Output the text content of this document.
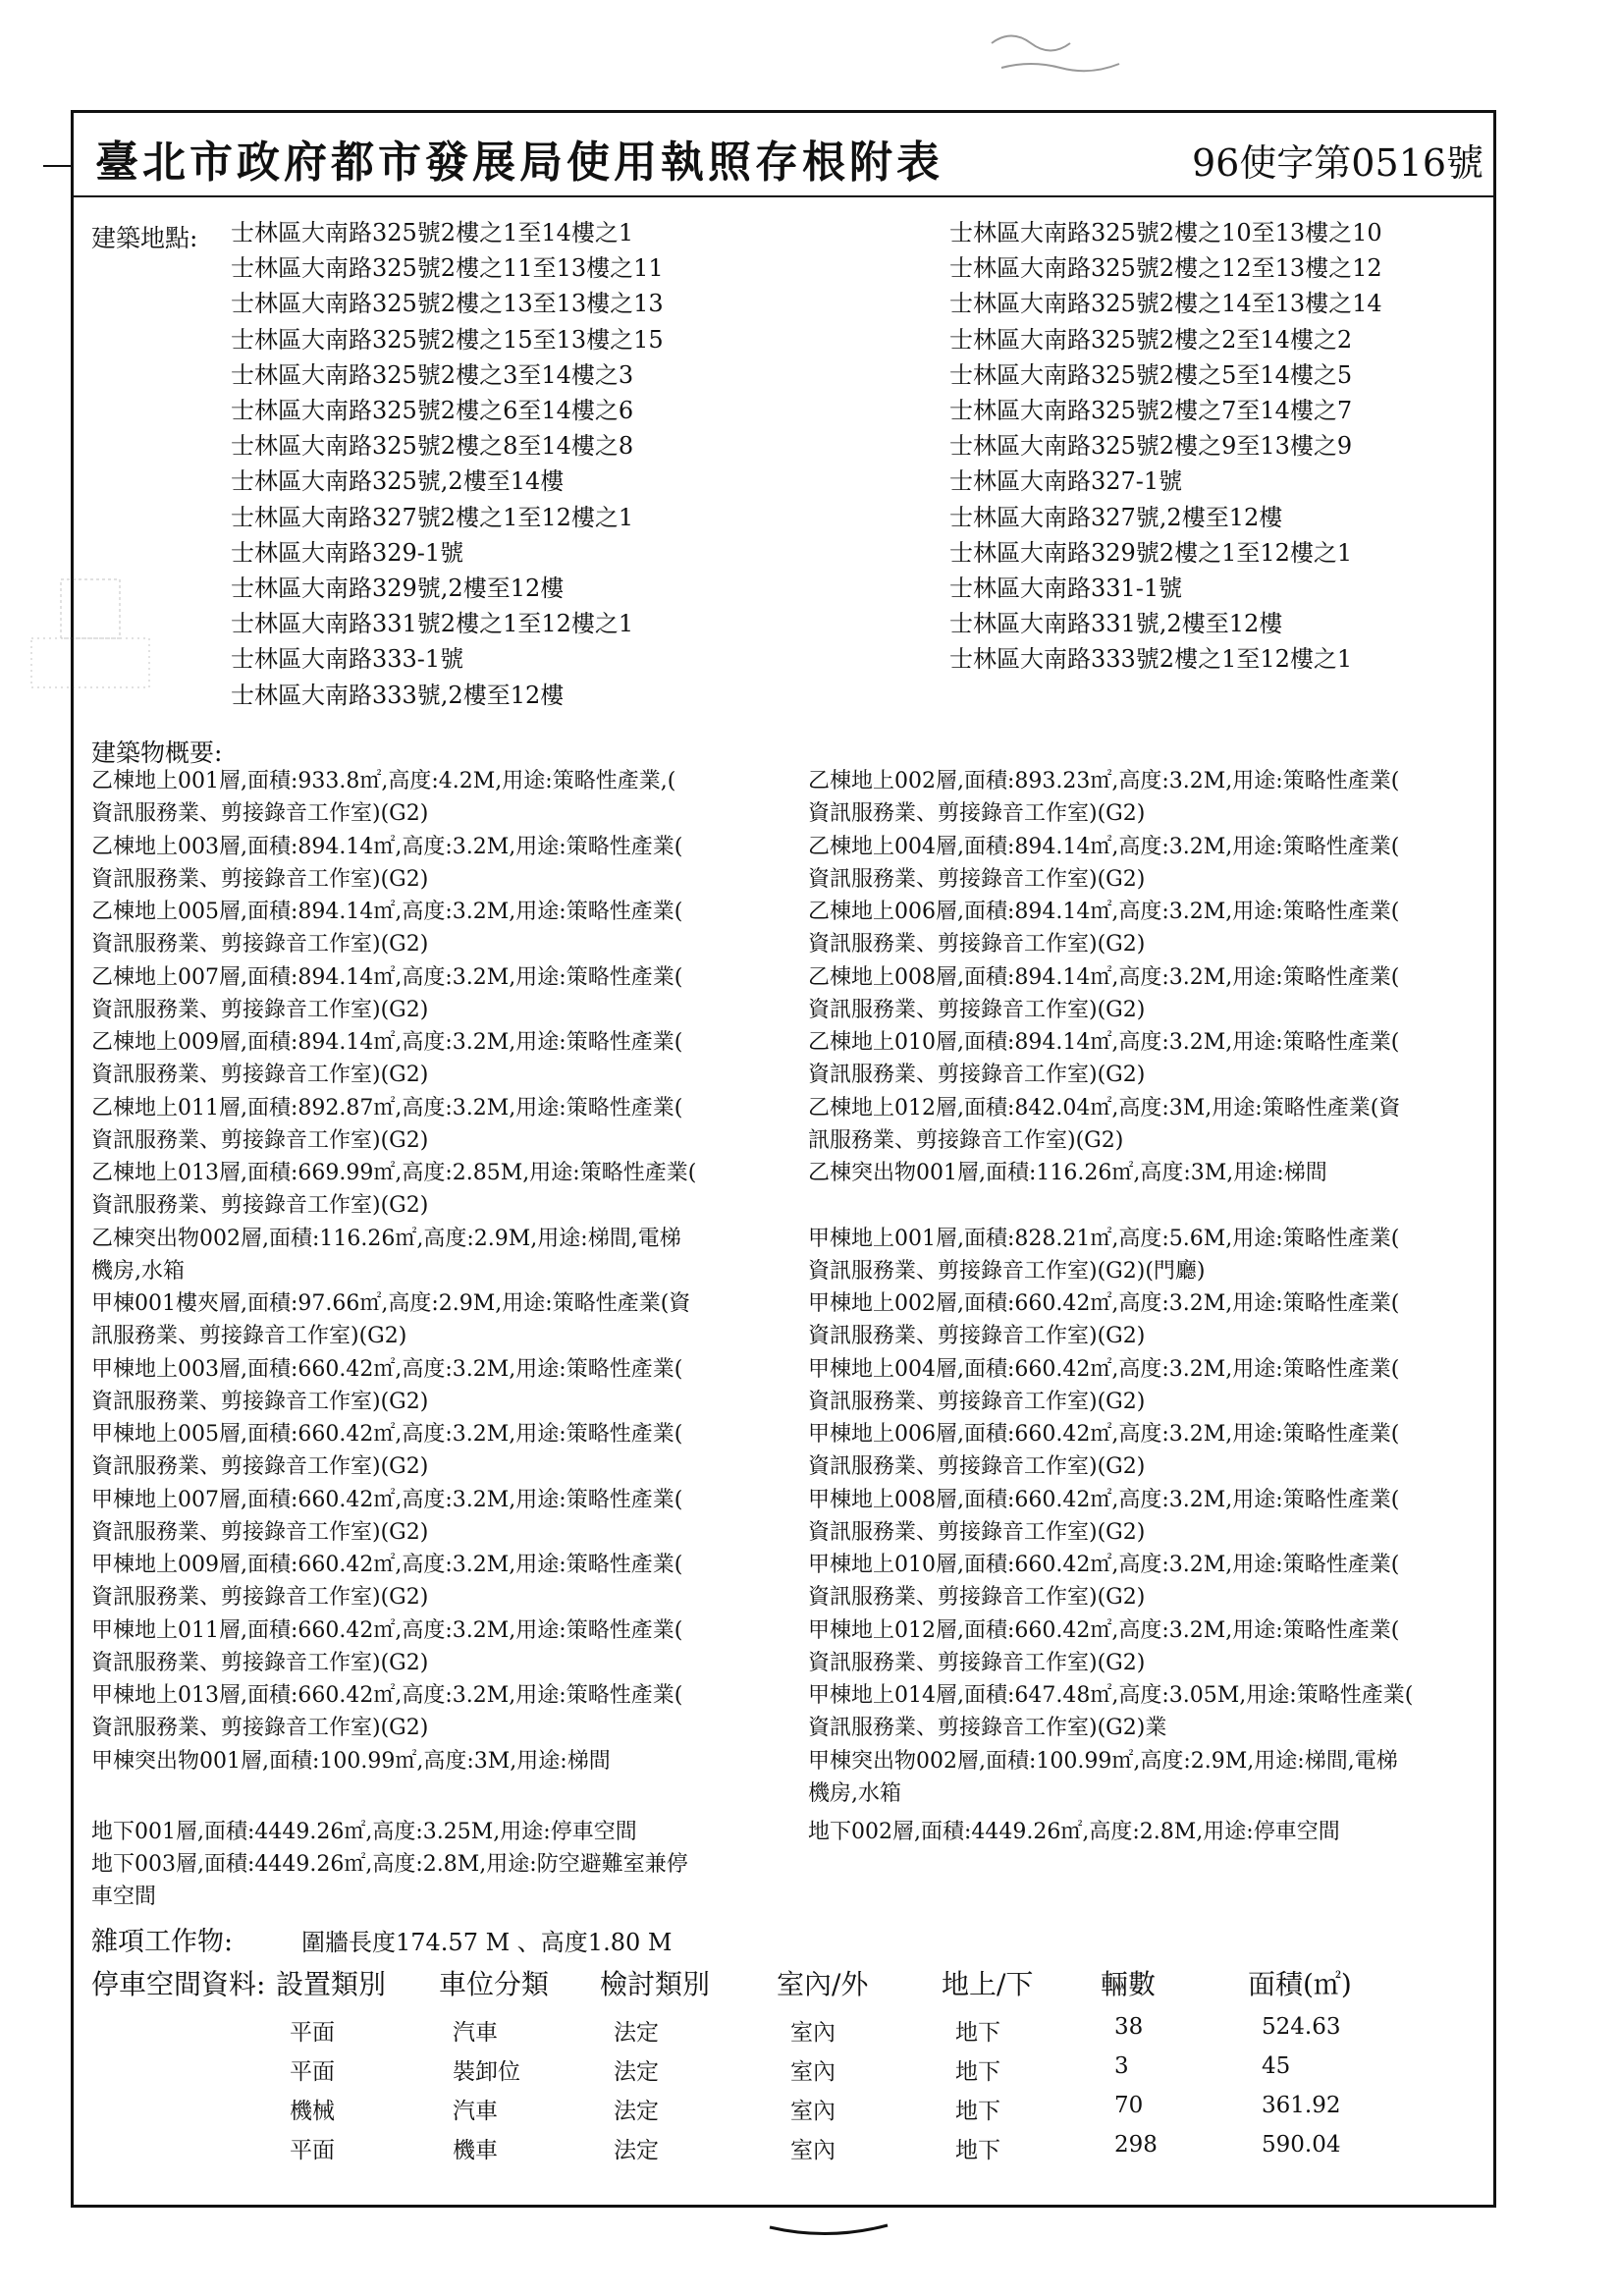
臺北市政府都市發展局使用執照存根附表	96使字第0516號
建築地點: 士林區大南路325號2樓之1至14樓之1
士林區大南路325號2樓之11至13樓之11
士林區大南路325號2樓之13至13樓之13
士林區大南路325號2樓之15至13樓之15
士林區大南路325號2樓之3至14樓之3
士林區大南路325號2樓之6至14樓之6
士林區大南路325號2樓之8至14樓之8
士林區大南路325號,2樓至14樓
士林區大南路327號2樓之1至12樓之1
士林區大南路329-1號
士林區大南路329號,2樓至12樓
士林區大南路331號2樓之1至12樓之1
士林區大南路333-1號
士林區大南路333號,2樓至12樓
士林區大南路325號2樓之10至13樓之10
士林區大南路325號2樓之12至13樓之12
士林區大南路325號2樓之14至13樓之14
士林區大南路325號2樓之2至14樓之2
士林區大南路325號2樓之5至14樓之5
士林區大南路325號2樓之7至14樓之7
士林區大南路325號2樓之9至13樓之9
士林區大南路327-1號
士林區大南路327號,2樓至12樓
士林區大南路329號2樓之1至12樓之1
士林區大南路331-1號
士林區大南路331號,2樓至12樓
士林區大南路333號2樓之1至12樓之1
建築物概要:
乙棟地上001層,面積:933.8㎡,高度:4.2M,用途:策略性產業,(
資訊服務業、剪接錄音工作室)(G2)
乙棟地上003層,面積:894.14㎡,高度:3.2M,用途:策略性產業(
資訊服務業、剪接錄音工作室)(G2)
乙棟地上005層,面積:894.14㎡,高度:3.2M,用途:策略性產業(
資訊服務業、剪接錄音工作室)(G2)
乙棟地上007層,面積:894.14㎡,高度:3.2M,用途:策略性產業(
資訊服務業、剪接錄音工作室)(G2)
乙棟地上009層,面積:894.14㎡,高度:3.2M,用途:策略性產業(
資訊服務業、剪接錄音工作室)(G2)
乙棟地上011層,面積:892.87㎡,高度:3.2M,用途:策略性產業(
資訊服務業、剪接錄音工作室)(G2)
乙棟地上013層,面積:669.99㎡,高度:2.85M,用途:策略性產業(
資訊服務業、剪接錄音工作室)(G2)
乙棟突出物002層,面積:116.26㎡,高度:2.9M,用途:梯間,電梯
機房,水箱
甲棟001樓夾層,面積:97.66㎡,高度:2.9M,用途:策略性產業(資
訊服務業、剪接錄音工作室)(G2)
甲棟地上003層,面積:660.42㎡,高度:3.2M,用途:策略性產業(
資訊服務業、剪接錄音工作室)(G2)
甲棟地上005層,面積:660.42㎡,高度:3.2M,用途:策略性產業(
資訊服務業、剪接錄音工作室)(G2)
甲棟地上007層,面積:660.42㎡,高度:3.2M,用途:策略性產業(
資訊服務業、剪接錄音工作室)(G2)
甲棟地上009層,面積:660.42㎡,高度:3.2M,用途:策略性產業(
資訊服務業、剪接錄音工作室)(G2)
甲棟地上011層,面積:660.42㎡,高度:3.2M,用途:策略性產業(
資訊服務業、剪接錄音工作室)(G2)
甲棟地上013層,面積:660.42㎡,高度:3.2M,用途:策略性產業(
資訊服務業、剪接錄音工作室)(G2)
甲棟突出物001層,面積:100.99㎡,高度:3M,用途:梯間
乙棟地上002層,面積:893.23㎡,高度:3.2M,用途:策略性產業(
資訊服務業、剪接錄音工作室)(G2)
乙棟地上004層,面積:894.14㎡,高度:3.2M,用途:策略性產業(
資訊服務業、剪接錄音工作室)(G2)
乙棟地上006層,面積:894.14㎡,高度:3.2M,用途:策略性產業(
資訊服務業、剪接錄音工作室)(G2)
乙棟地上008層,面積:894.14㎡,高度:3.2M,用途:策略性產業(
資訊服務業、剪接錄音工作室)(G2)
乙棟地上010層,面積:894.14㎡,高度:3.2M,用途:策略性產業(
資訊服務業、剪接錄音工作室)(G2)
乙棟地上012層,面積:842.04㎡,高度:3M,用途:策略性產業(資
訊服務業、剪接錄音工作室)(G2)
乙棟突出物001層,面積:116.26㎡,高度:3M,用途:梯間
甲棟地上001層,面積:828.21㎡,高度:5.6M,用途:策略性產業(
資訊服務業、剪接錄音工作室)(G2)(門廳)
甲棟地上002層,面積:660.42㎡,高度:3.2M,用途:策略性產業(
資訊服務業、剪接錄音工作室)(G2)
甲棟地上004層,面積:660.42㎡,高度:3.2M,用途:策略性產業(
資訊服務業、剪接錄音工作室)(G2)
甲棟地上006層,面積:660.42㎡,高度:3.2M,用途:策略性產業(
資訊服務業、剪接錄音工作室)(G2)
甲棟地上008層,面積:660.42㎡,高度:3.2M,用途:策略性產業(
資訊服務業、剪接錄音工作室)(G2)
甲棟地上010層,面積:660.42㎡,高度:3.2M,用途:策略性產業(
資訊服務業、剪接錄音工作室)(G2)
甲棟地上012層,面積:660.42㎡,高度:3.2M,用途:策略性產業(
資訊服務業、剪接錄音工作室)(G2)
甲棟地上014層,面積:647.48㎡,高度:3.05M,用途:策略性產業(
資訊服務業、剪接錄音工作室)(G2)業
甲棟突出物002層,面積:100.99㎡,高度:2.9M,用途:梯間,電梯
機房,水箱
地下001層,面積:4449.26㎡,高度:3.25M,用途:停車空間
地下003層,面積:4449.26㎡,高度:2.8M,用途:防空避難室兼停
車空間
地下002層,面積:4449.26㎡,高度:2.8M,用途:停車空間
雜項工作物:	圍牆長度174.57 M 、高度1.80 M
停車空間資料: 設置類別 車位分類 檢討類別 室內/外	地上/下 輛數	面積(㎡)
平面	汽車	法定	室內	地下	38	524.63
平面	裝卸位	法定	室內	地下	3	45
機械	汽車	法定	室內	地下	70	361.92
平面	機車	法定	室內	地下	298	590.04
